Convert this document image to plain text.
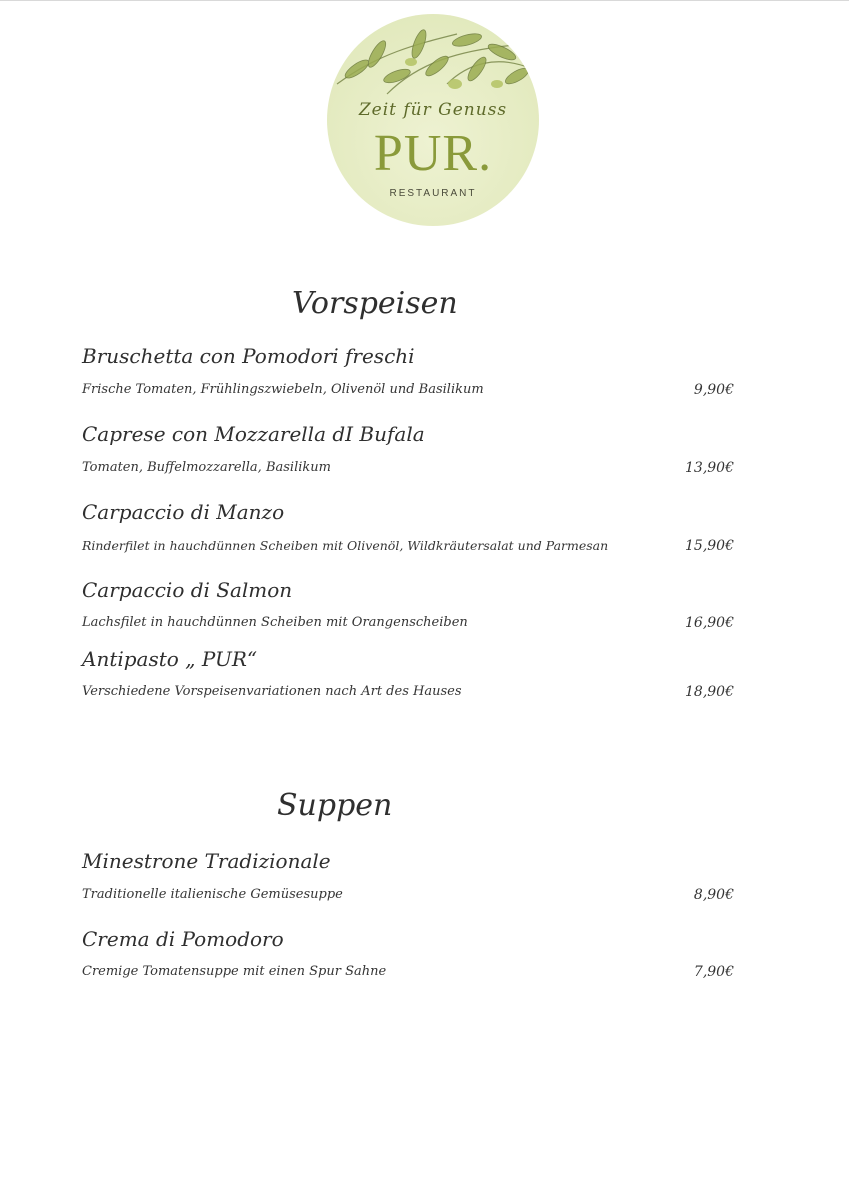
Zeit für Genuss
PUR.
RESTAURANT
Vorspeisen
Bruschetta con Pomodori freschi
Frische Tomaten, Frühlingszwiebeln, Olivenöl und Basilikum	9,90€
Caprese con Mozzarella dI Bufala
Tomaten, Buffelmozzarella, Basilikum	13,90€
Carpaccio di Manzo
Rinderfilet in hauchdünnen Scheiben mit Olivenöl, Wildkräutersalat und Parmesan	15,90€
Carpaccio di Salmon
Lachsfilet in hauchdünnen Scheiben mit Orangenscheiben	16,90€
Antipasto „ PUR“
Verschiedene Vorspeisenvariationen nach Art des Hauses	18,90€
Suppen
Minestrone Tradizionale
Traditionelle italienische Gemüsesuppe	8,90€
Crema di Pomodoro
Cremige Tomatensuppe mit einen Spur Sahne	7,90€
